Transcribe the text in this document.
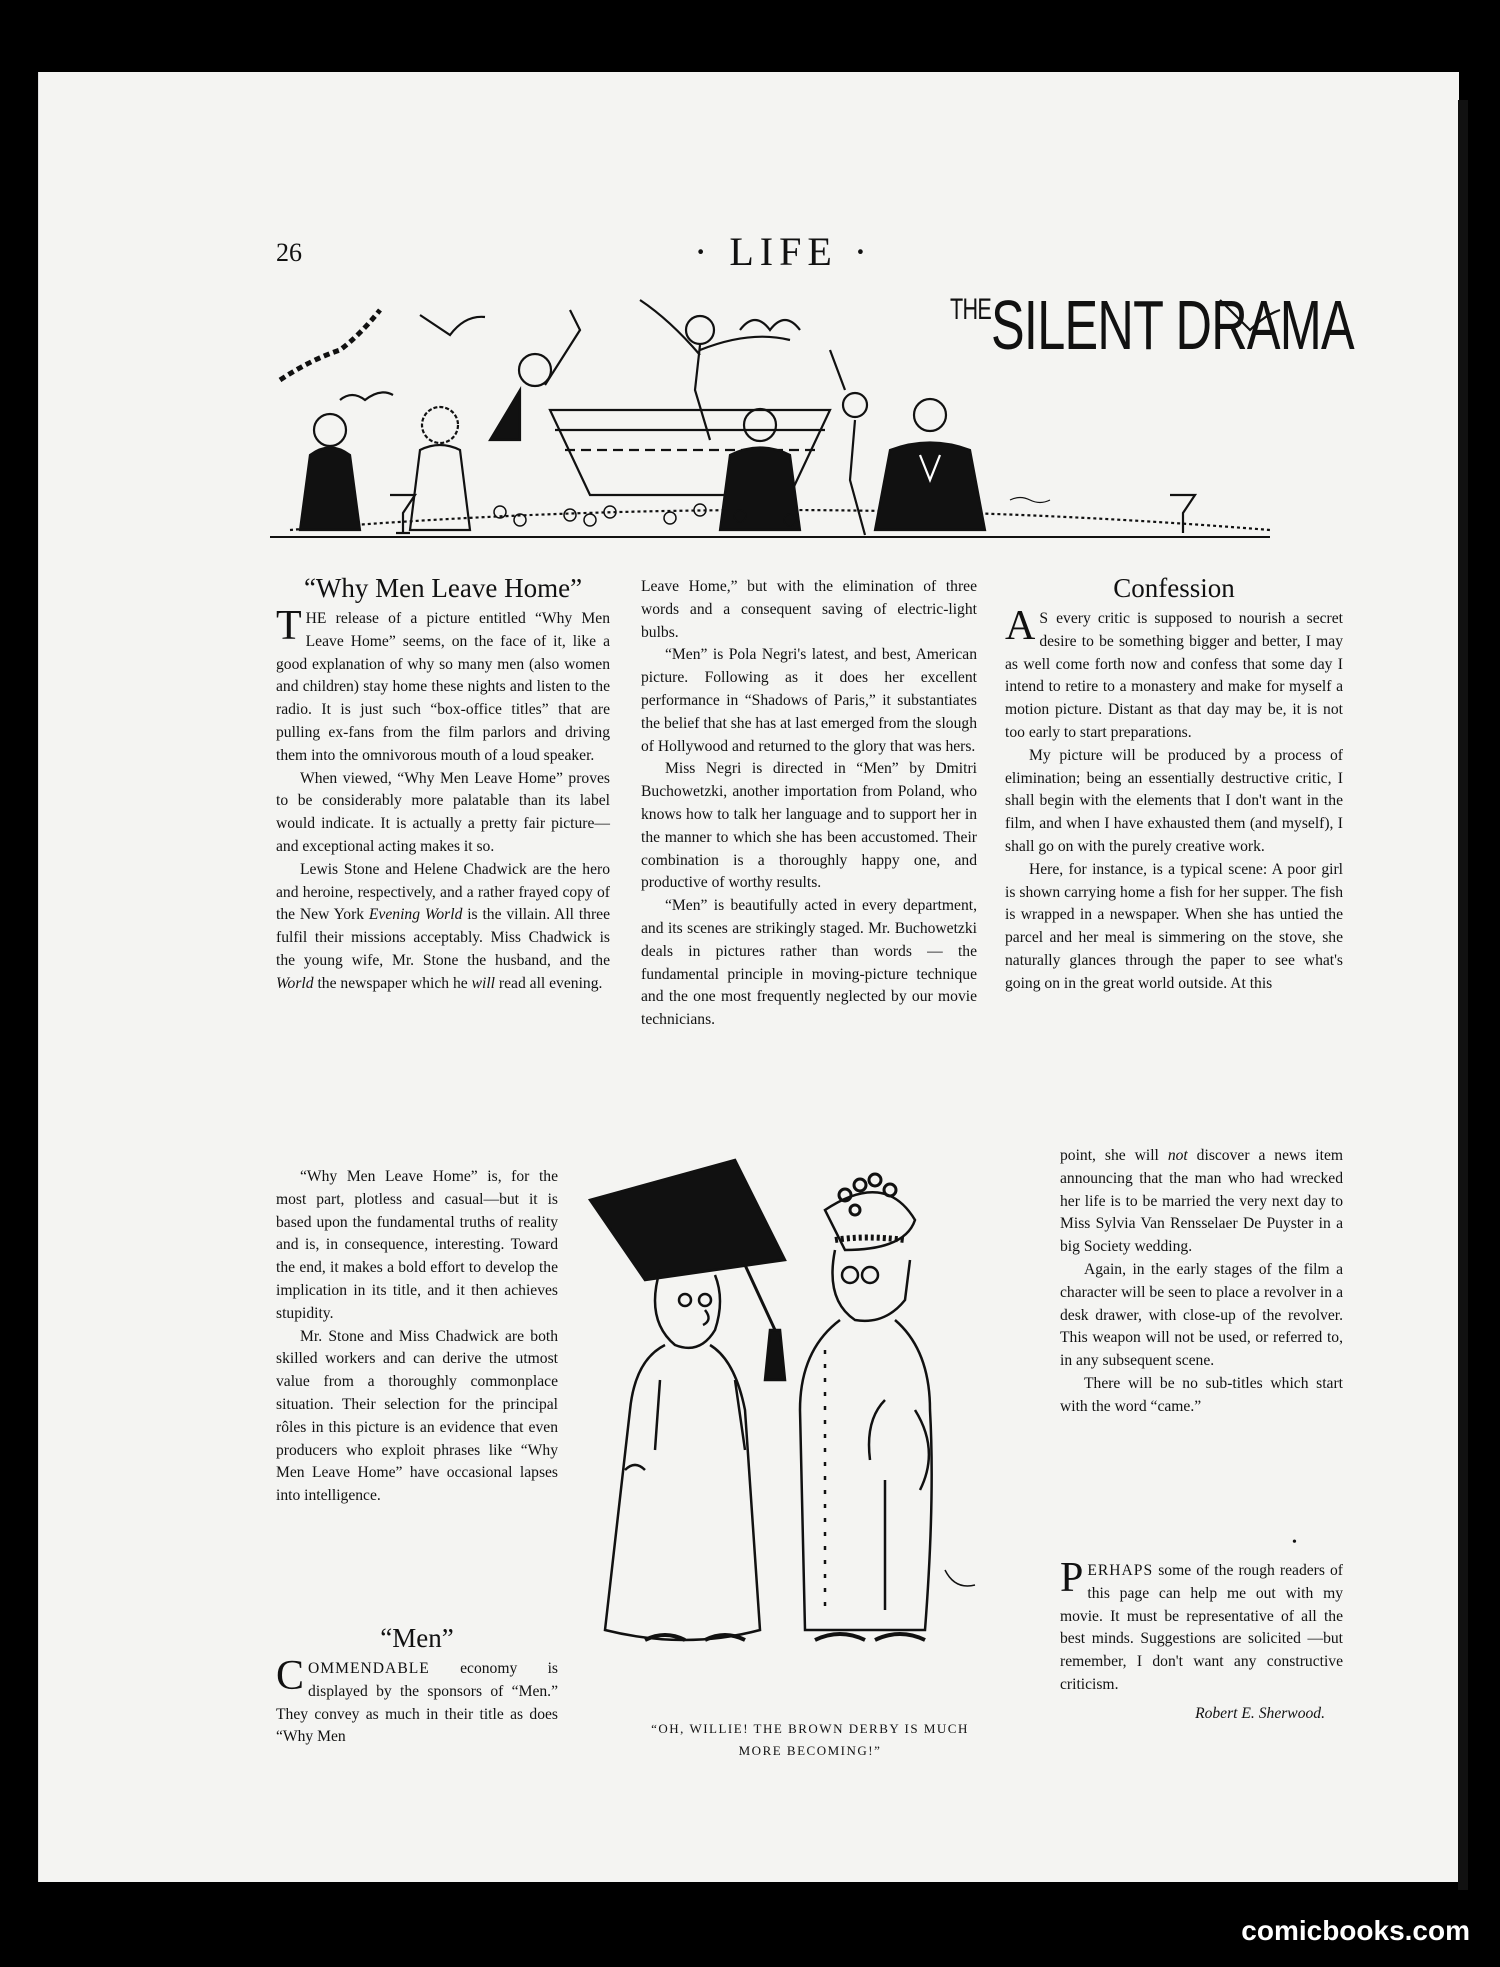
26	· LIFE ·
$^{THE}$SILENT DRAMA
“Why Men Leave Home”

THE release of a picture entitled “Why Men Leave Home” seems, on the face of it, like a good explanation of why so many men (also women and children) stay home these nights and listen to the radio. It is just such “box-office titles” that are pulling ex-fans from the film parlors and driving them into the omnivorous mouth of a loud speaker.

When viewed, “Why Men Leave Home” proves to be considerably more palatable than its label would indicate. It is actually a pretty fair picture—and exceptional acting makes it so.

Lewis Stone and Helene Chadwick are the hero and heroine, respectively, and a rather frayed copy of the New York Evening World is the villain. All three fulfil their missions acceptably. Miss Chadwick is the young wife, Mr. Stone the husband, and the World the newspaper which he will read all evening.

“Why Men Leave Home” is, for the most part, plotless and casual—but it is based upon the fundamental truths of reality and is, in consequence, interesting. Toward the end, it makes a bold effort to develop the implication in its title, and it then achieves stupidity.

Mr. Stone and Miss Chadwick are both skilled workers and can derive the utmost value from a thoroughly commonplace situation. Their selection for the principal rôles in this picture is an evidence that even producers who exploit phrases like “Why Men Leave Home” have occasional lapses into intelligence.

“Men”

COMMENDABLE economy is displayed by the sponsors of “Men.” They convey as much in their title as does “Why Men

Leave Home,” but with the elimination of three words and a consequent saving of electric-light bulbs.

“Men” is Pola Negri's latest, and best, American picture. Following as it does her excellent performance in “Shadows of Paris,” it substantiates the belief that she has at last emerged from the slough of Hollywood and returned to the glory that was hers.

Miss Negri is directed in “Men” by Dmitri Buchowetzki, another importation from Poland, who knows how to talk her language and to support her in the manner to which she has been accustomed. Their combination is a thoroughly happy one, and productive of worthy results.

“Men” is beautifully acted in every department, and its scenes are strikingly staged. Mr. Buchowetzki deals in pictures rather than words — the fundamental principle in moving-picture technique and the one most frequently neglected by our movie technicians.

“OH, WILLIE! THE BROWN DERBY IS MUCH
MORE BECOMING!”
Confession

A S every critic is supposed to nourish a secret desire to be something bigger and better, I may as well come forth now and confess that some day I intend to retire to a monastery and make for myself a motion picture. Distant as that day may be, it is not too early to start preparations.

My picture will be produced by a process of elimination; being an essentially destructive critic, I shall begin with the elements that I don't want in the film, and when I have exhausted them (and myself), I shall go on with the purely creative work.

Here, for instance, is a typical scene: A poor girl is shown carrying home a fish for her supper. The fish is wrapped in a newspaper. When she has untied the parcel and her meal is simmering on the stove, she naturally glances through the paper to see what's going on in the great world outside. At this

point, she will not discover a news item announcing that the man who had wrecked her life is to be married the very next day to Miss Sylvia Van Rensselaer De Puyster in a big Society wedding.

Again, in the early stages of the film a character will be seen to place a revolver in a desk drawer, with close-up of the revolver. This weapon will not be used, or referred to, in any subsequent scene.

There will be no sub-titles which start with the word “came.”

•

PERHAPS some of the rough readers of this page can help me out with my movie. It must be representative of all the best minds. Suggestions are solicited —but remember, I don't want any constructive criticism.

Robert E. Sherwood.
comicbooks.com
